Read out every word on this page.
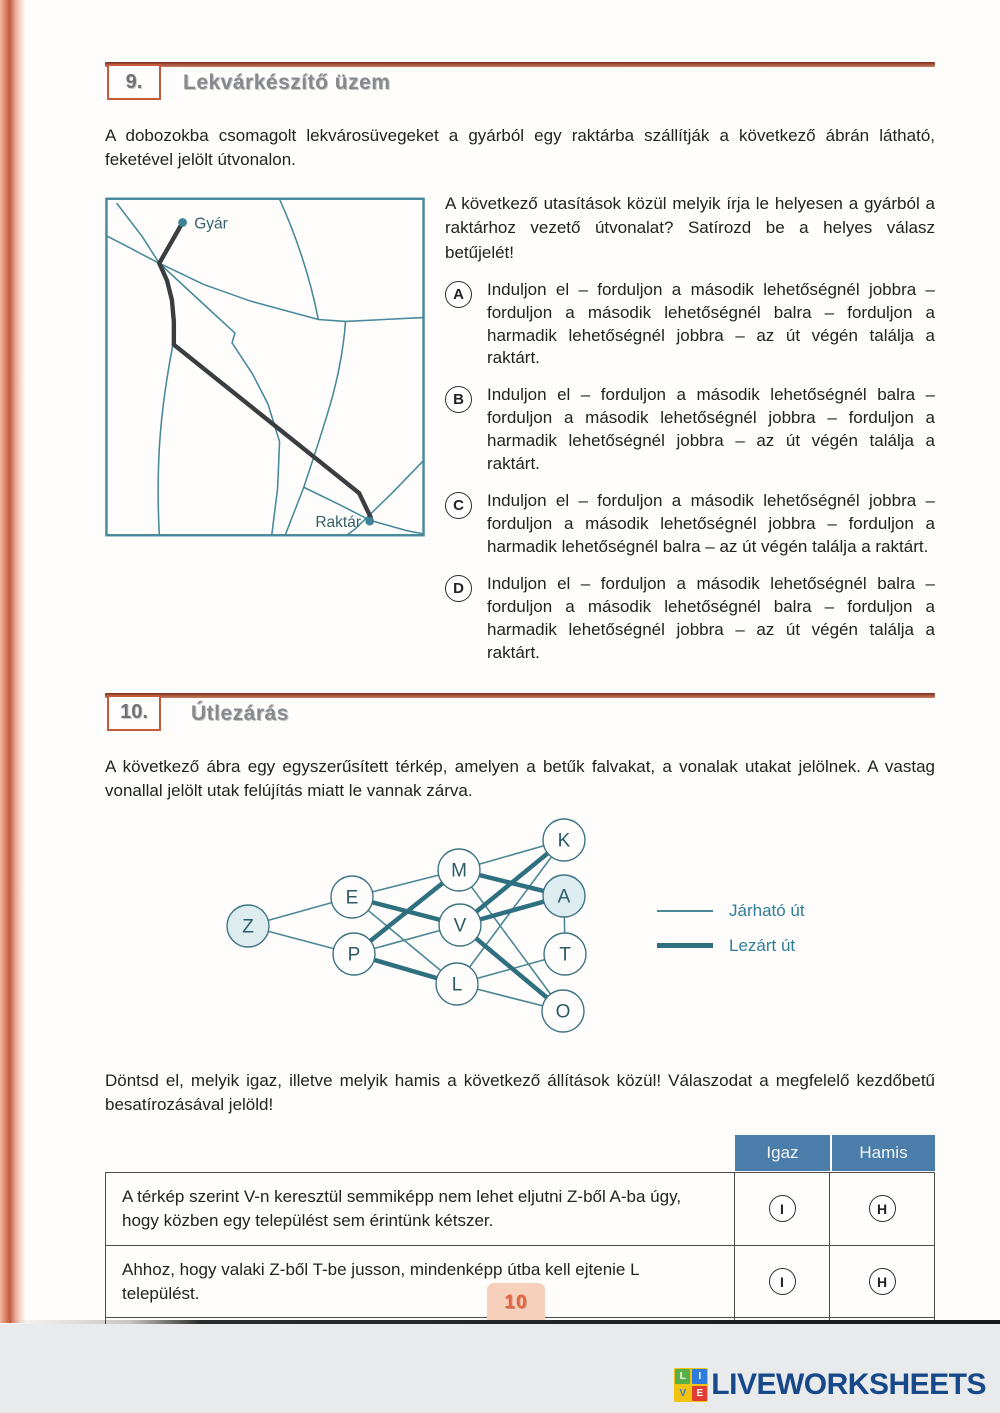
9. Lekvárkészítő üzem

A dobozokba csomagolt lekvárosüvegeket a gyárból egy raktárba szállítják a következő ábrán látható, feketével jelölt útvonalon.

Gyár
Raktár

A következő utasítások közül melyik írja le helyesen a gyárból a raktárhoz vezető útvonalat? Satírozd be a helyes válasz betűjelét!

A	Induljon el – forduljon a második lehetőségnél jobbra – forduljon a második lehetőségnél balra – forduljon a harmadik lehetőségnél jobbra – az út végén találja a raktárt.
B	Induljon el – forduljon a második lehetőségnél balra – forduljon a második lehetőségnél jobbra – forduljon a harmadik lehetőségnél jobbra – az út végén találja a raktárt.
C	Induljon el – forduljon a második lehetőségnél jobbra – forduljon a második lehetőségnél jobbra – forduljon a harmadik lehetőségnél balra – az út végén találja a raktárt.
D	Induljon el – forduljon a második lehetőségnél balra – forduljon a második lehetőségnél balra – forduljon a harmadik lehetőségnél jobbra – az út végén találja a raktárt.
10. Útlezárás

A következő ábra egy egyszerűsített térkép, amelyen a betűk falvakat, a vonalak utakat jelölnek. A vastag vonallal jelölt utak felújítás miatt le vannak zárva.

Z
E
P
M
V
L
K
A
T
O
Járható út
Lezárt út

Döntsd el, melyik igaz, illetve melyik hamis a következő állítások közül! Válaszodat a megfelelő kezdőbetű besatírozásával jelöld!

Igaz	Hamis
A térkép szerint V-n keresztül semmiképp nem lehet eljutni Z-ből A-ba úgy, hogy közben egy települést sem érintünk kétszer.
I	H
Ahhoz, hogy valaki Z-ből T-be jusson, mindenképp útba kell ejtenie L települést.
I	H
10
L	I
V	E LIVEWORKSHEETS
